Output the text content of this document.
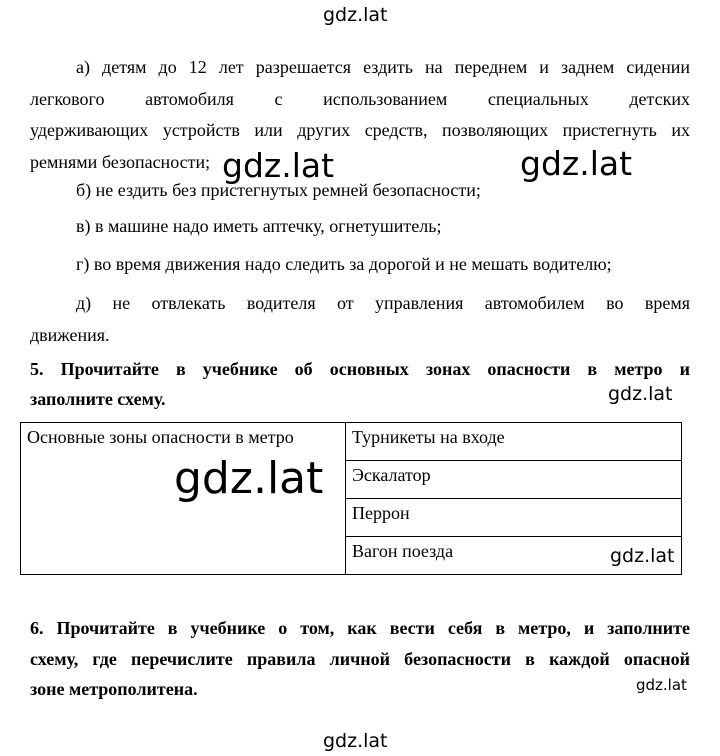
gdz.lat
gdz.lat	gdz.lat
gdz.lat
gdz.lat
gdz.lat
gdz.lat
gdz.lat
а) детям до 12 лет разрешается ездить на переднем и заднем сидении
легкового автомобиля с использованием специальных детских
удерживающих устройств или других средств, позволяющих пристегнуть их
ремнями безопасности;
б) не ездить без пристегнутых ремней безопасности;
в) в машине надо иметь аптечку, огнетушитель;
г) во время движения надо следить за дорогой и не мешать водителю;
д) не отвлекать водителя от управления автомобилем во время
движения.
5. Прочитайте в учебнике об основных зонах опасности в метро и
заполните схему.
Основные зоны опасности в метро	Турникеты на входе
Эскалатор
Перрон
Вагон поезда
6. Прочитайте в учебнике о том, как вести себя в метро, и заполните
схему, где перечислите правила личной безопасности в каждой опасной
зоне метрополитена.
